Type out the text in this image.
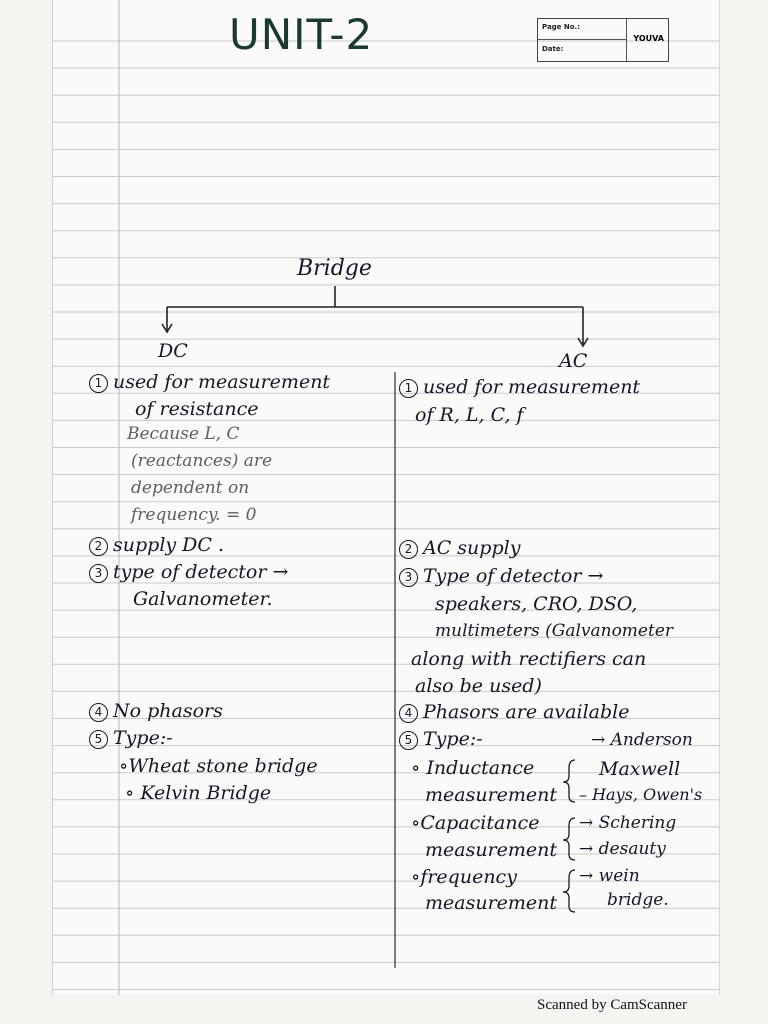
UNIT-2	Page No.:
Date:
YOUVA
Bridge
DC	AC
1 used for measurement
of resistance
Because L, C
(reactances) are
dependent on
frequency. = 0
2 supply DC .
3 type of detector →
Galvanometer.
4 No phasors
5 Type:-
∘Wheat stone bridge
∘ Kelvin Bridge
1 used for measurement
of R, L, C, f
2 AC supply
3 Type of detector →
speakers, CRO, DSO,
multimeters (Galvanometer
along with rectifiers can
also be used)
4 Phasors are available
5 Type:-	→ Anderson
∘ Inductance
measurement
Maxwell
– Hays, Owen's
∘Capacitance
measurement
→ Schering
→ desauty
∘frequency
measurement
→ wein
bridge.
Scanned by CamScanner
